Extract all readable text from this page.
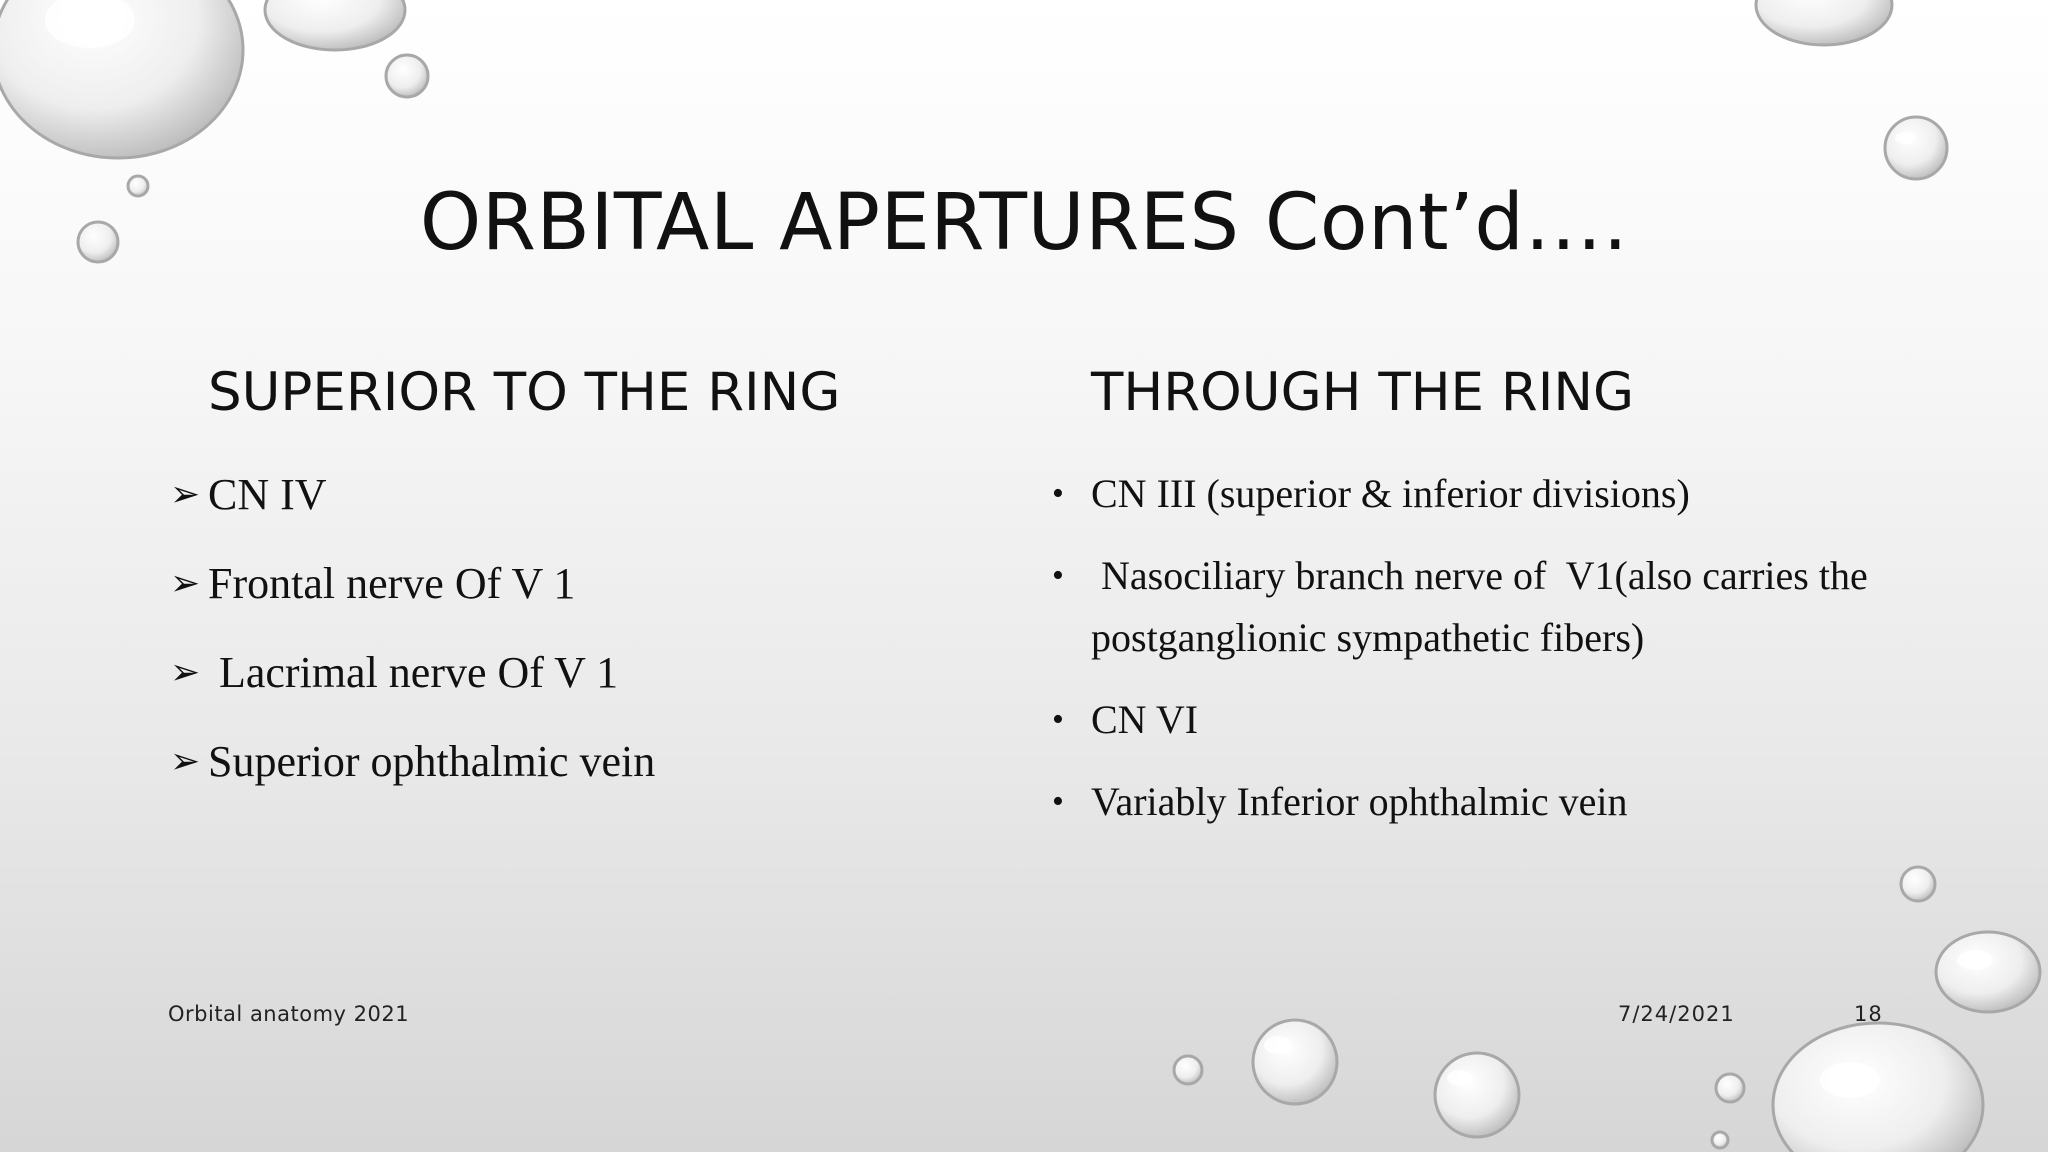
ORBITAL APERTURES Cont’d….
SUPERIOR TO THE RING	THROUGH THE RING
➢ CN IV
➢ Frontal nerve Of V 1
➢ Lacrimal nerve Of V 1
➢ Superior ophthalmic vein
• CN III (superior & inferior divisions)
• Nasociliary branch nerve of  V1(also carries the postganglionic sympathetic fibers)
• CN VI
• Variably Inferior ophthalmic vein
Orbital anatomy 2021	7/24/2021	18
